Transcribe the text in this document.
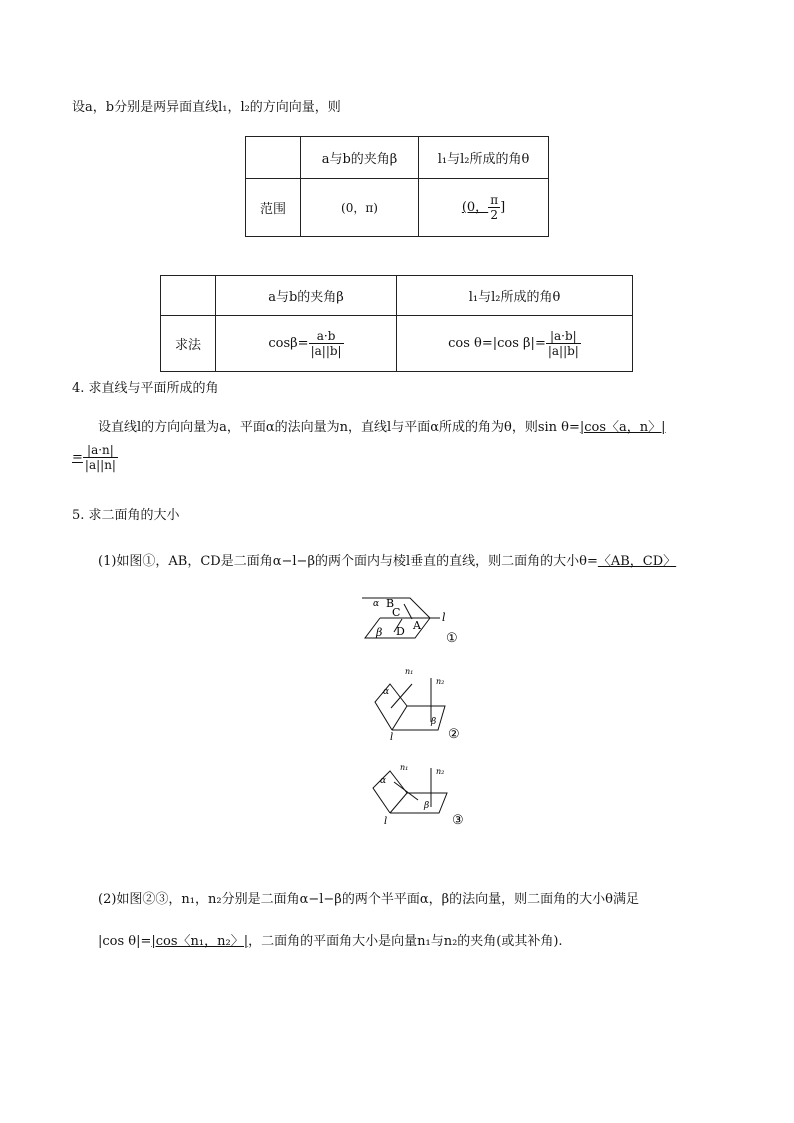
设a，b分别是两异面直线l₁，l₂的方向向量，则
	a与b的夹角β	l₁与l₂所成的角θ
范围	(0，π)	(0， $\frac{\pi}{2}$ ]
	a与b的夹角β	l₁与l₂所成的角θ
求法	$\cos\beta= \frac{a\cdot b}{|a||b|}$	cos θ=|cos $\beta|= \frac{|a\cdot b|}{|a||b|}$
4. 求直线与平面所成的角
设直线l的方向向量为a，平面α的法向量为n，直线l与平面α所成的角为θ，则sin θ=|cos〈a，n〉|
= $\frac{|a\cdot n|}{|a||n|}$
5. 求二面角的大小
(1)如图①，AB，CD是二面角α−l−β的两个面内与棱l垂直的直线，则二面角的大小θ=〈AB，CD〉
α B
C
A
D
β
l
①
n₁
n₂
α
β
l	②
n₁	n₂
α
β
l	③
(2)如图②③，n₁，n₂分别是二面角α−l−β的两个半平面α，β的法向量，则二面角的大小θ满足
|cos θ|=|cos〈n₁，n₂〉|，二面角的平面角大小是向量n₁与n₂的夹角(或其补角).
